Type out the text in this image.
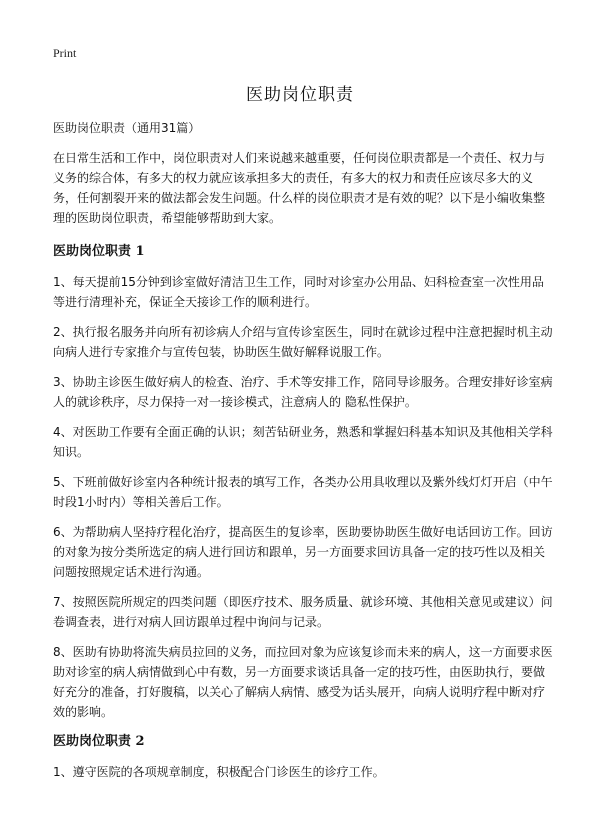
Print
医助岗位职责

医助岗位职责（通用31篇）

在日常生活和工作中，岗位职责对人们来说越来越重要，任何岗位职责都是一个责任、权力与义务的综合体，有多大的权力就应该承担多大的责任，有多大的权力和责任应该尽多大的义务，任何割裂开来的做法都会发生问题。什么样的岗位职责才是有效的呢？以下是小编收集整理的医助岗位职责，希望能够帮助到大家。

医助岗位职责 1

1、每天提前15分钟到诊室做好清洁卫生工作，同时对诊室办公用品、妇科检查室一次性用品等进行清理补充，保证全天接诊工作的顺利进行。

2、执行报名服务并向所有初诊病人介绍与宣传诊室医生，同时在就诊过程中注意把握时机主动向病人进行专家推介与宣传包装，协助医生做好解释说服工作。

3、协助主诊医生做好病人的检查、治疗、手术等安排工作，陪同导诊服务。合理安排好诊室病人的就诊秩序，尽力保持一对一接诊模式，注意病人的 隐私性保护。

4、对医助工作要有全面正确的认识；刻苦钻研业务，熟悉和掌握妇科基本知识及其他相关学科知识。

5、下班前做好诊室内各种统计报表的填写工作，各类办公用具收理以及紫外线灯灯开启（中午时段1小时内）等相关善后工作。

6、为帮助病人坚持疗程化治疗，提高医生的复诊率，医助要协助医生做好电话回访工作。回访的对象为按分类所选定的病人进行回访和跟单，另一方面要求回访具备一定的技巧性以及相关问题按照规定话术进行沟通。

7、按照医院所规定的四类问题（即医疗技术、服务质量、就诊环境、其他相关意见或建议）问卷调查表，进行对病人回访跟单过程中询问与记录。

8、医助有协助将流失病员拉回的义务，而拉回对象为应该复诊而未来的病人，这一方面要求医助对诊室的病人病情做到心中有数，另一方面要求谈话具备一定的技巧性，由医助执行，要做好充分的准备，打好腹稿，以关心了解病人病情、感受为话头展开，向病人说明疗程中断对疗效的影响。

医助岗位职责 2

1、遵守医院的各项规章制度，积极配合门诊医生的诊疗工作。
